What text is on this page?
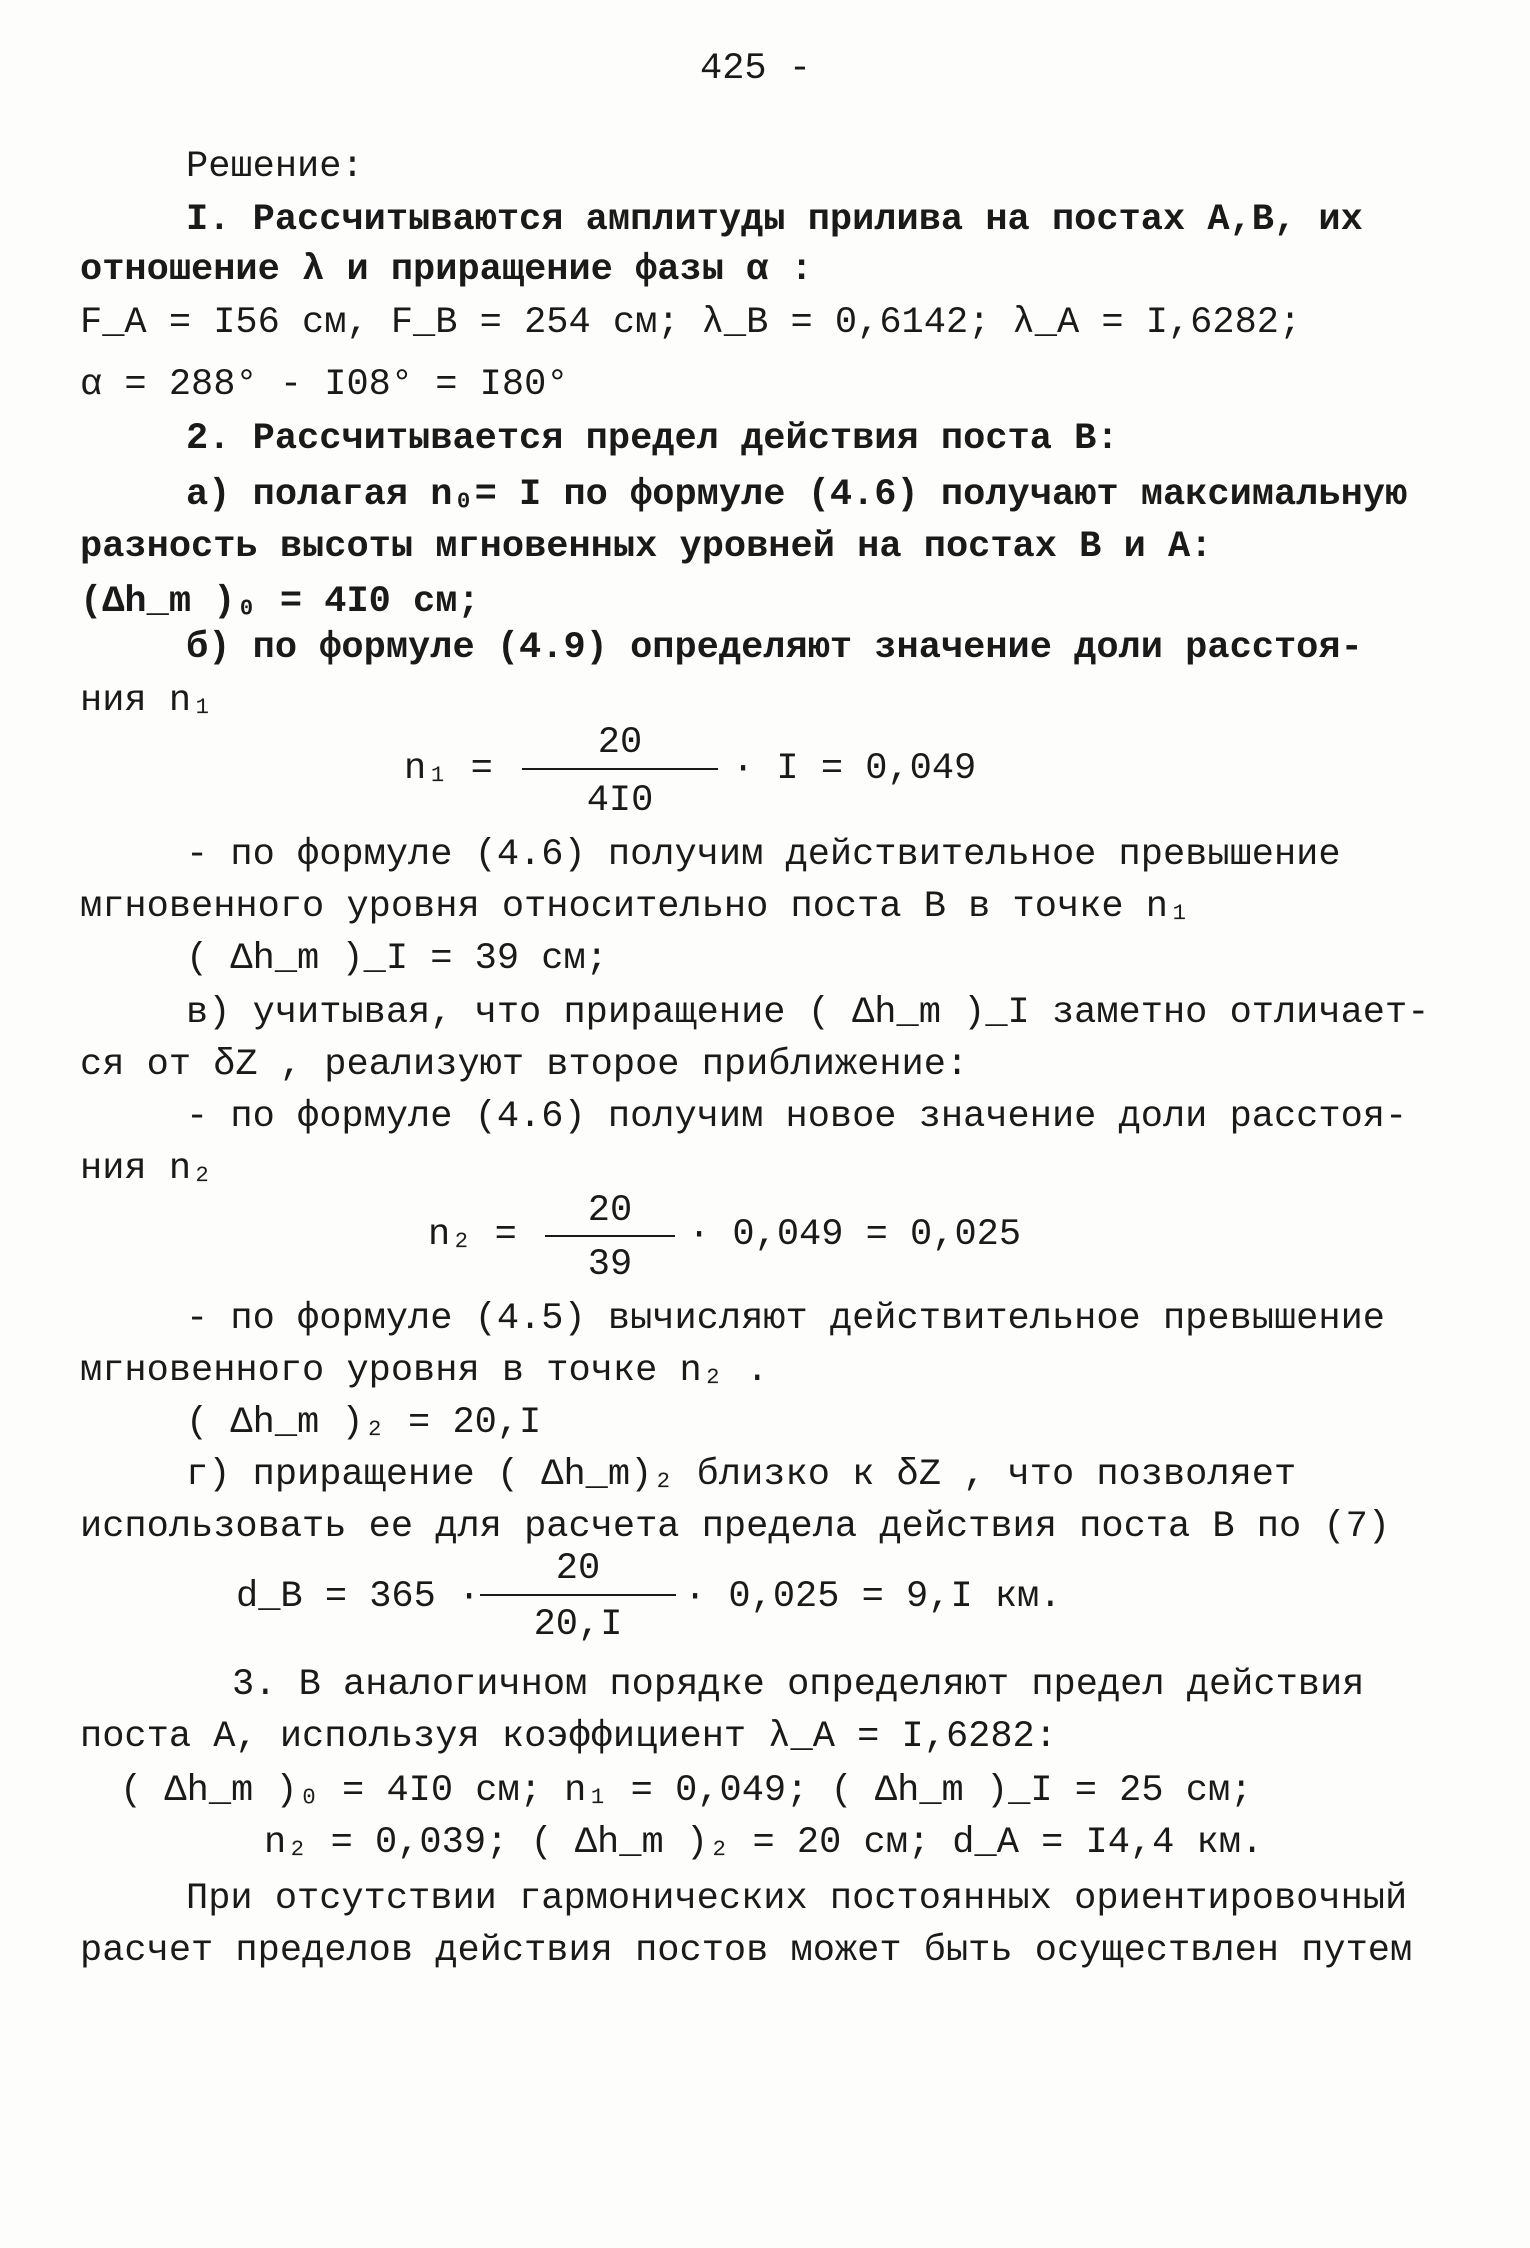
425 -
Решение:
I. Рассчитываются амплитуды прилива на постах А,В, их
отношение λ и приращение фазы α :
F_A = I56 см, F_B = 254 см; λ_B = 0,6142; λ_A = I,6282;
α = 288° - I08° = I80°
2. Рассчитывается предел действия поста В:
а) полагая n₀= I по формуле (4.6) получают максимальную
разность высоты мгновенных уровней на постах В и А:
(Δh_m )₀ = 4I0 см;
б) по формуле (4.9) определяют значение доли расстоя-
ния n₁
n₁ =
20
4I0
· I = 0,049
- по формуле (4.6) получим действительное превышение
мгновенного уровня относительно поста В в точке n₁
( Δh_m )_I = 39 см;
в) учитывая, что приращение ( Δh_m )_I заметно отличает-
ся от δZ , реализуют второе приближение:
- по формуле (4.6) получим новое значение доли расстоя-
ния n₂
n₂ =
20
39
· 0,049 = 0,025
- по формуле (4.5) вычисляют действительное превышение
мгновенного уровня в точке n₂ .
( Δh_m )₂ = 20,I
г) приращение ( Δh_m)₂ близко к δZ , что позволяет
использовать ее для расчета предела действия поста В по (7)
d_B = 365 ·
20
20,I
· 0,025 = 9,I км.
3. В аналогичном порядке определяют предел действия
поста А, используя коэффициент λ_A = I,6282:
( Δh_m )₀ = 4I0 см; n₁ = 0,049; ( Δh_m )_I = 25 см;
n₂ = 0,039; ( Δh_m )₂ = 20 см; d_A = I4,4 км.
При отсутствии гармонических постоянных ориентировочный
расчет пределов действия постов может быть осуществлен путем
